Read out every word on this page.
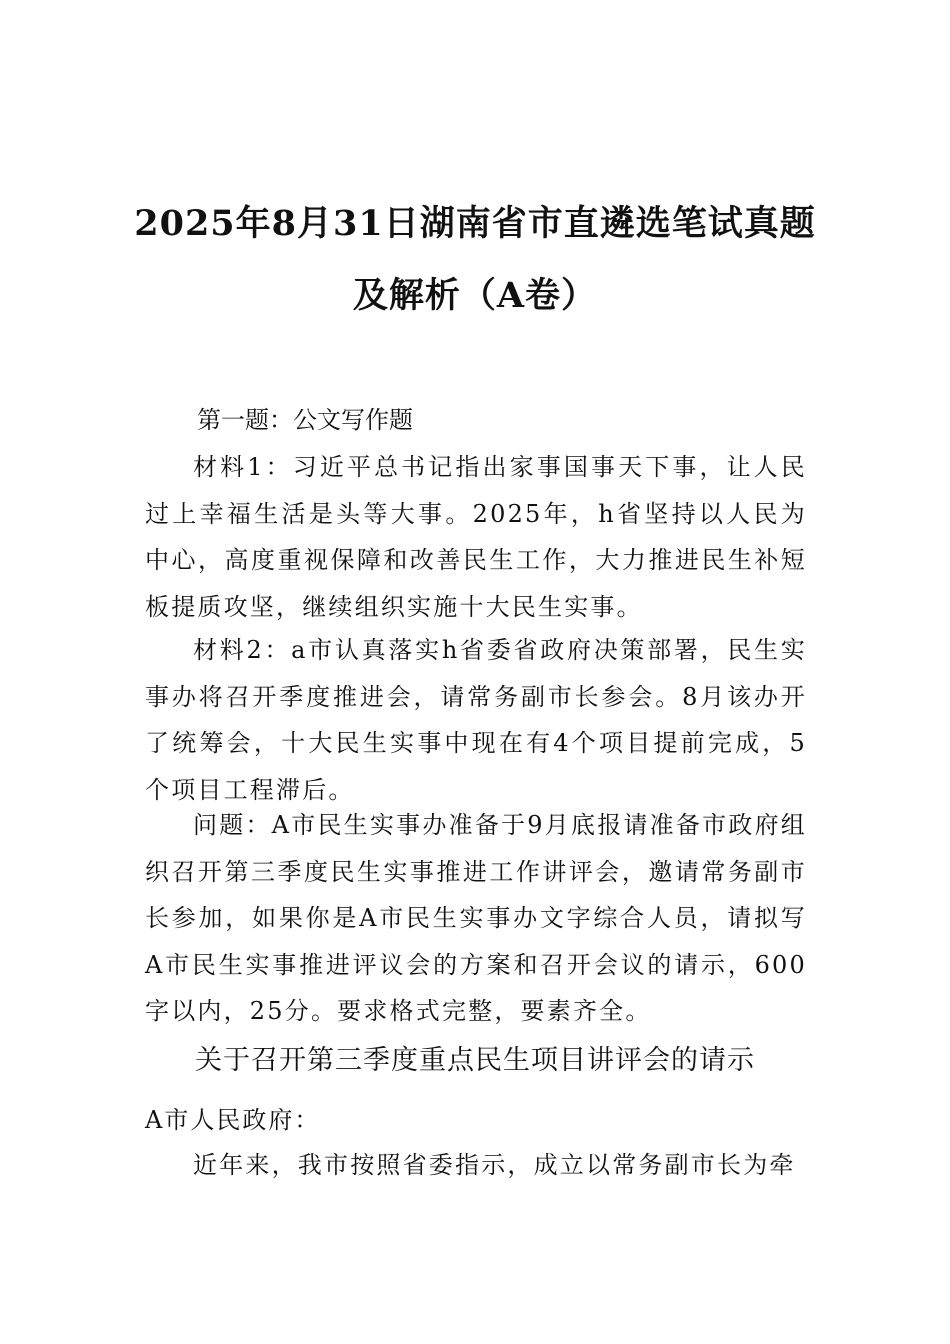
2025年8月31日湖南省市直遴选笔试真题
及解析（A卷）
第一题：公文写作题

材料1：习近平总书记指出家事国事天下事，让人民过上幸福生活是头等大事。2025年，h省坚持以人民为中心，高度重视保障和改善民生工作，大力推进民生补短板提质攻坚，继续组织实施十大民生实事。

材料2：a市认真落实h省委省政府决策部署，民生实事办将召开季度推进会，请常务副市长参会。8月该办开了统筹会，十大民生实事中现在有4个项目提前完成，5个项目工程滞后。

问题：A市民生实事办准备于9月底报请准备市政府组织召开第三季度民生实事推进工作讲评会，邀请常务副市长参加，如果你是A市民生实事办文字综合人员，请拟写A市民生实事推进评议会的方案和召开会议的请示，600字以内，25分。要求格式完整，要素齐全。

关于召开第三季度重点民生项目讲评会的请示
A市人民政府：

近年来，我市按照省委指示，成立以常务副市长为牵
